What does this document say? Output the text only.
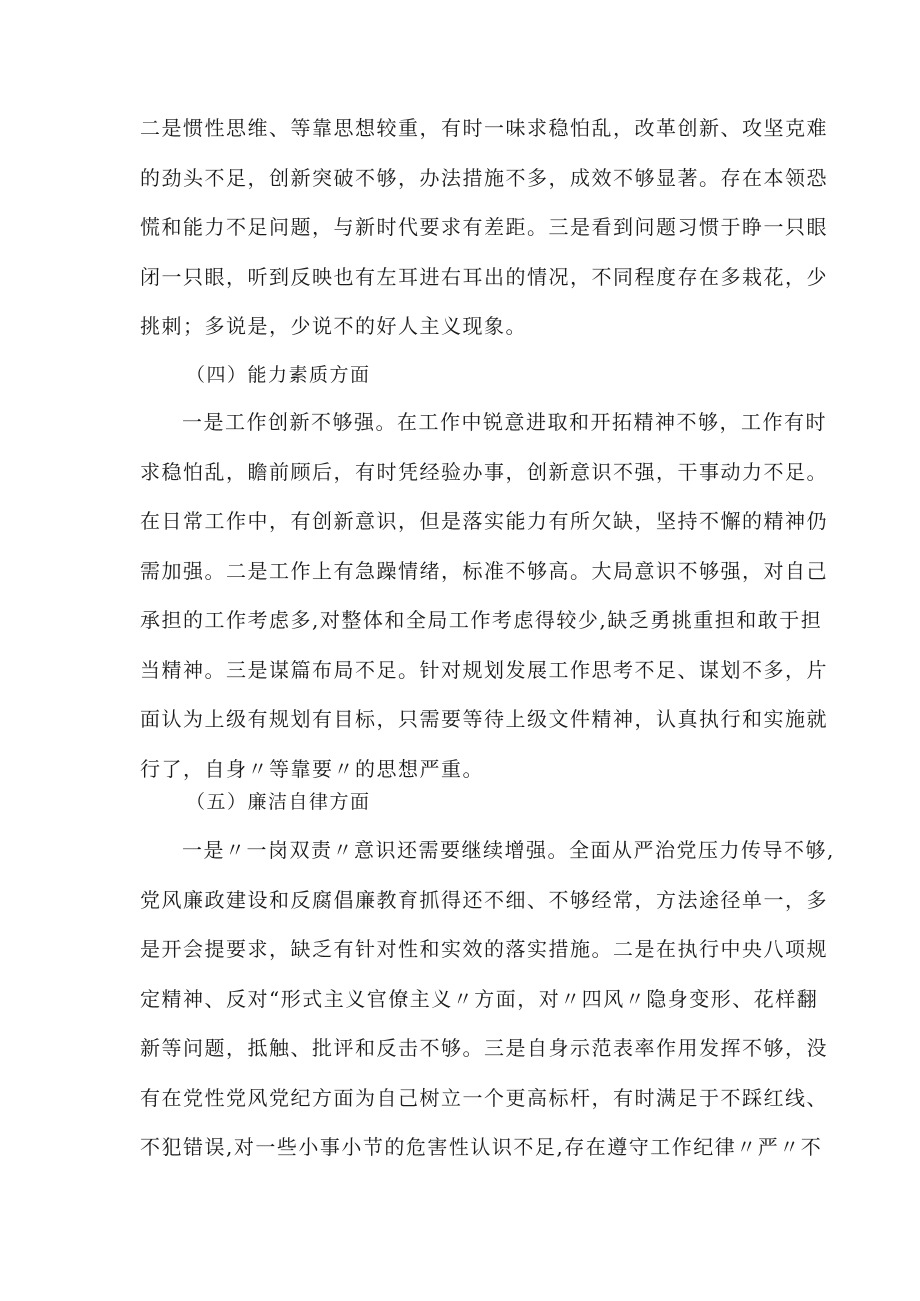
二是惯性思维、等靠思想较重，有时一味求稳怕乱，改革创新、攻坚克难
的劲头不足，创新突破不够，办法措施不多，成效不够显著。存在本领恐
慌和能力不足问题，与新时代要求有差距。三是看到问题习惯于睁一只眼
闭一只眼，听到反映也有左耳进右耳出的情况，不同程度存在多栽花，少
挑刺；多说是，少说不的好人主义现象。
（四）能力素质方面
一是工作创新不够强。在工作中锐意进取和开拓精神不够，工作有时
求稳怕乱，瞻前顾后，有时凭经验办事，创新意识不强，干事动力不足。
在日常工作中，有创新意识，但是落实能力有所欠缺，坚持不懈的精神仍
需加强。二是工作上有急躁情绪，标准不够高。大局意识不够强，对自己
承担的工作考虑多,对整体和全局工作考虑得较少,缺乏勇挑重担和敢于担
当精神。三是谋篇布局不足。针对规划发展工作思考不足、谋划不多，片
面认为上级有规划有目标，只需要等待上级文件精神，认真执行和实施就
行了，自身〃等靠要〃的思想严重。
（五）廉洁自律方面
一是〃一岗双责〃意识还需要继续增强。全面从严治党压力传导不够,
党风廉政建设和反腐倡廉教育抓得还不细、不够经常，方法途径单一，多
是开会提要求，缺乏有针对性和实效的落实措施。二是在执行中央八项规
定精神、反对“形式主义官僚主义〃方面，对〃四风〃隐身变形、花样翻
新等问题，抵触、批评和反击不够。三是自身示范表率作用发挥不够，没
有在党性党风党纪方面为自己树立一个更高标杆，有时满足于不踩红线、
不犯错误,对一些小事小节的危害性认识不足,存在遵守工作纪律〃严〃不
